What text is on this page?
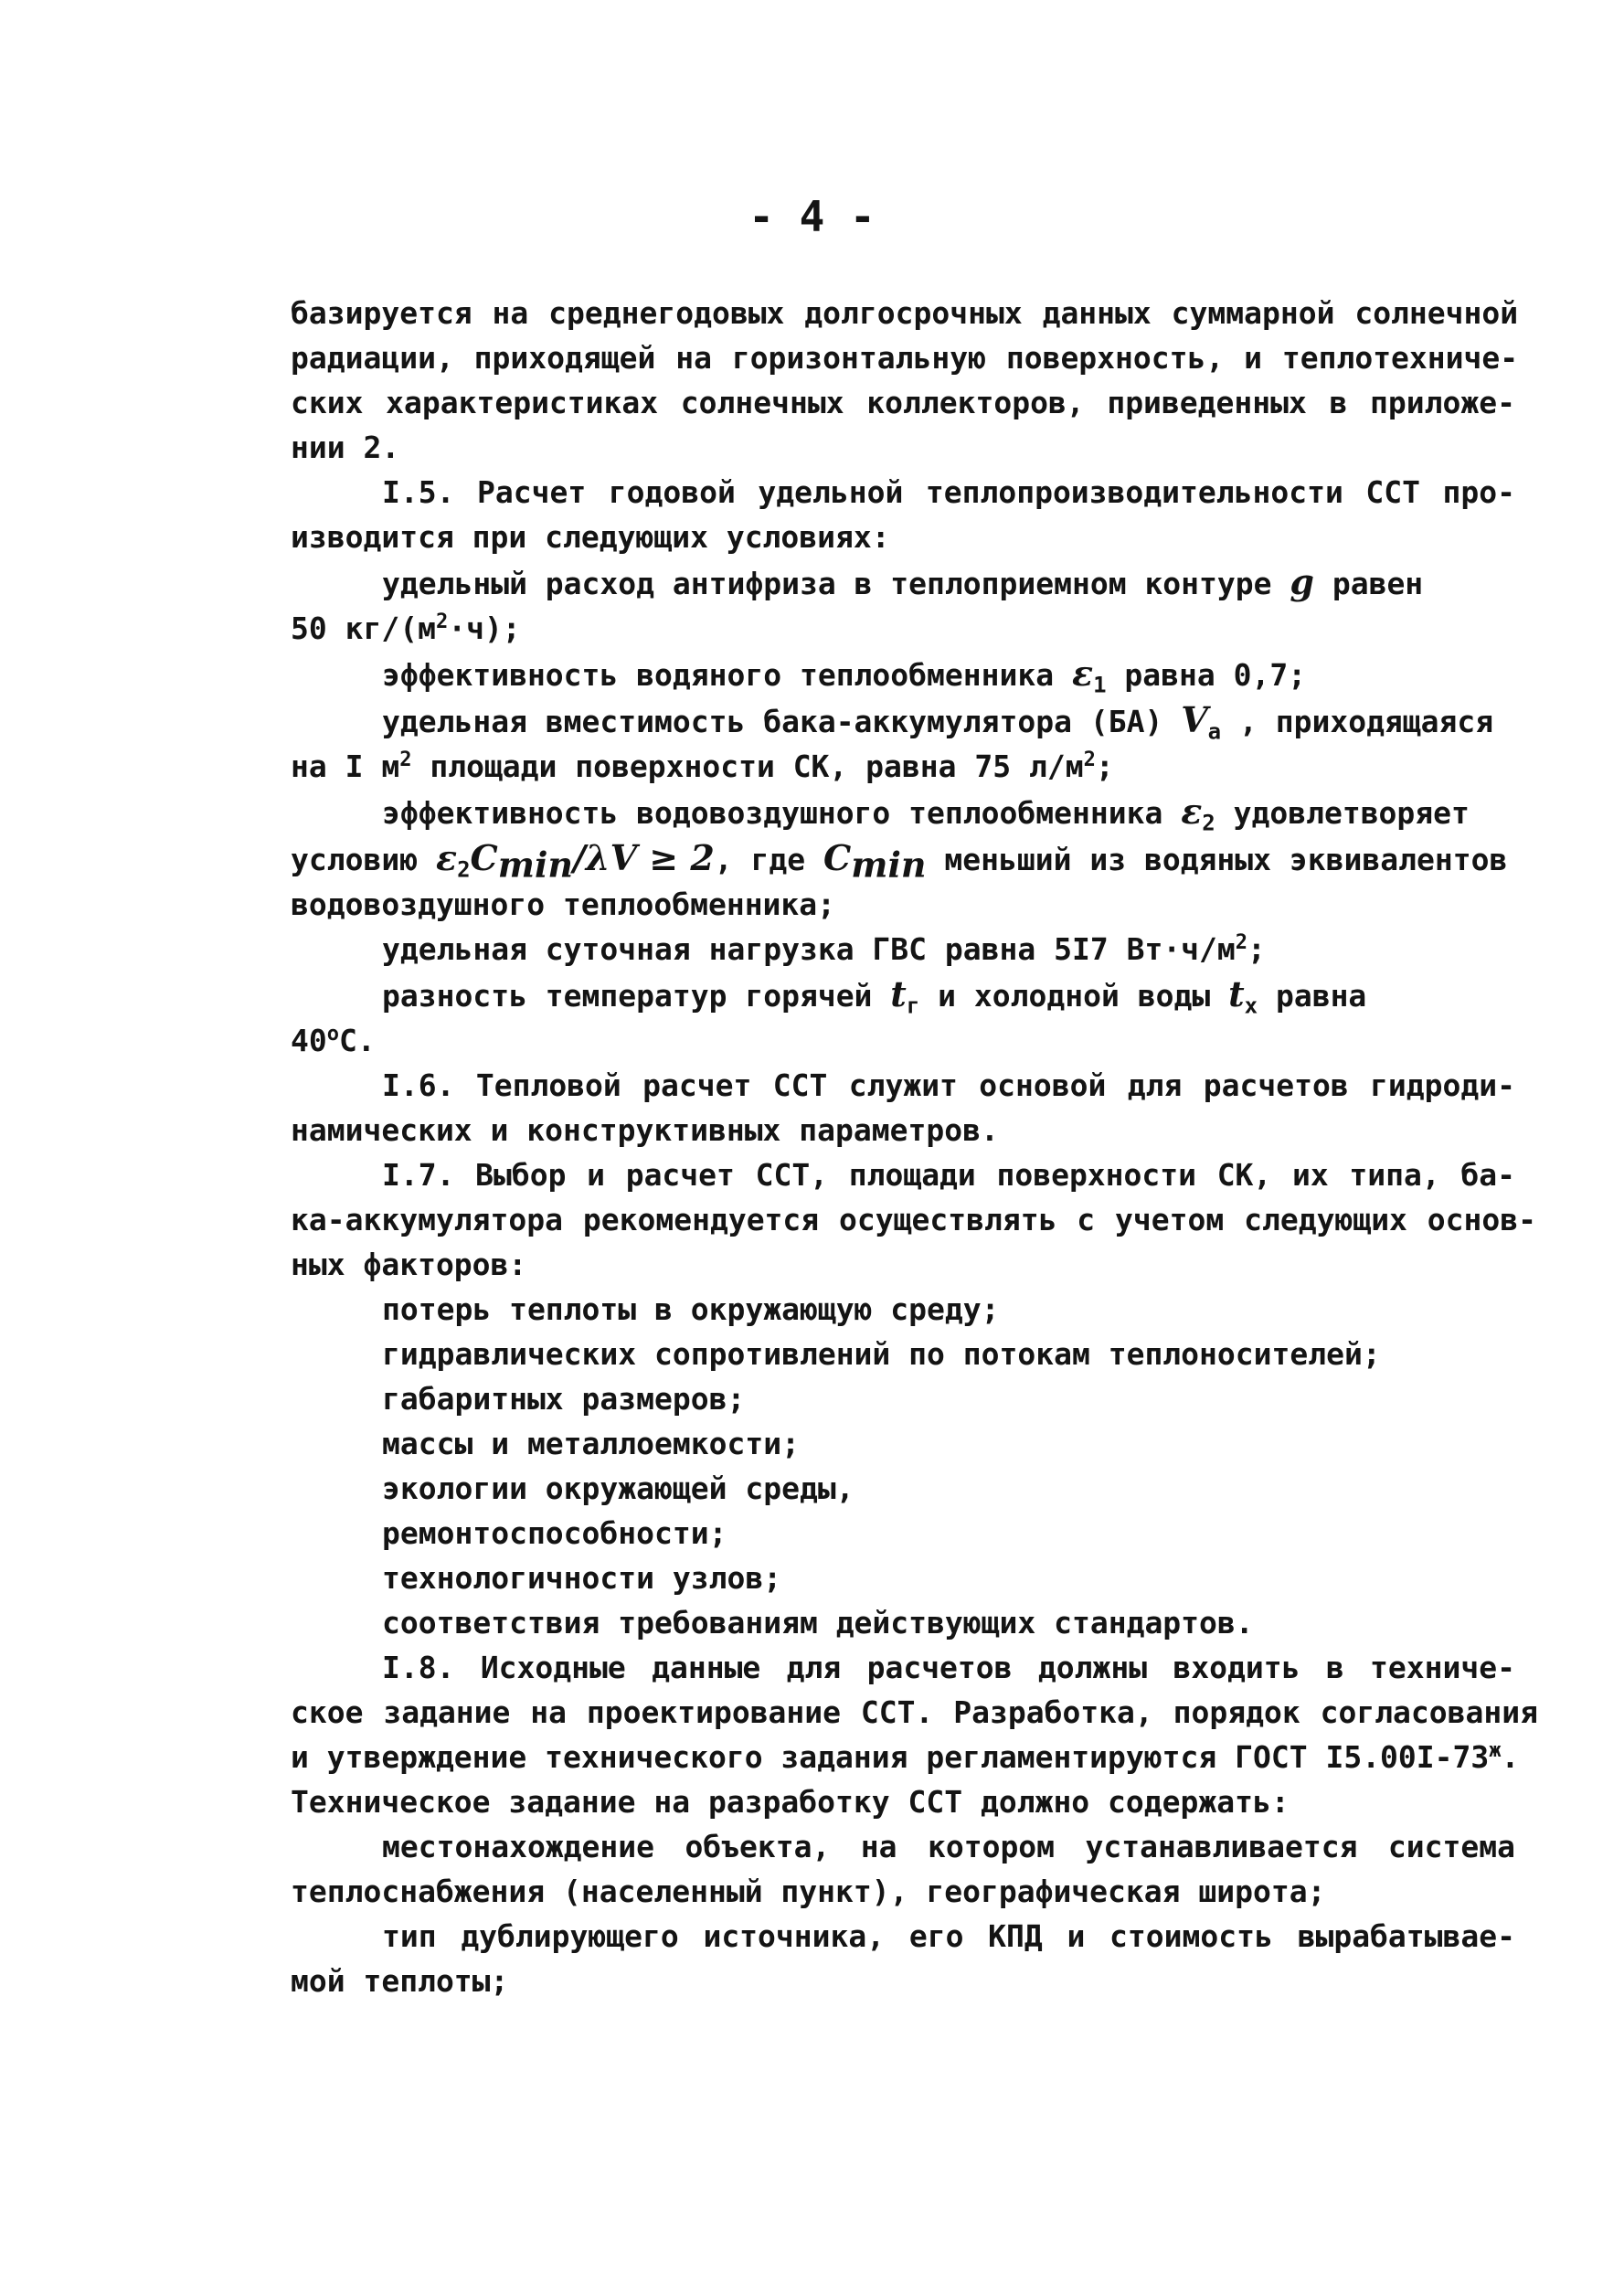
- 4 -
базируется на среднегодовых долгосрочных данных суммарной солнечной
радиации, приходящей на горизонтальную поверхность, и теплотехниче-
ских характеристиках солнечных коллекторов, приведенных в приложе-
нии 2.
I.5. Расчет годовой удельной теплопроизводительности ССТ про-
изводится при следующих условиях:
удельный расход антифриза в теплоприемном контуре g равен
50 $кг/(м^2\cdot ч)$;
эффективность водяного теплообменника $\varepsilon_1$ равна 0,7;
удельная вместимость бака-аккумулятора (БА) $V_a$ , приходящаяся
на I $м^2$ площади поверхности СК, равна 75 $л/м^2$;
эффективность водовоздушного теплообменника $\varepsilon_2$ удовлетворяет
условию $\varepsilon_2C_{min}/\lambda V \ge 2$, где $C_{min}$ меньший из водяных эквивалентов
водовоздушного теплообменника;
удельная суточная нагрузка ГВС равна 5I7 $Вт\cdot ч/м^2$;
разность температур горячей $t_г$ и холодной воды $t_х$ равна
$40^оС$.
I.6. Тепловой расчет ССТ служит основой для расчетов гидроди-
намических и конструктивных параметров.
I.7. Выбор и расчет ССТ, площади поверхности СК, их типа, ба-
ка-аккумулятора рекомендуется осуществлять с учетом следующих основ-
ных факторов:
потерь теплоты в окружающую среду;
гидравлических сопротивлений по потокам теплоносителей;
габаритных размеров;
массы и металлоемкости;
экологии окружающей среды,
ремонтоспособности;
технологичности узлов;
соответствия требованиям действующих стандартов.
I.8. Исходные данные для расчетов должны входить в техниче-
ское задание на проектирование ССТ. Разработка, порядок согласования
и утверждение технического задания регламентируются ГОСТ $I5.00I-73^ж$.
Техническое задание на разработку ССТ должно содержать:
местонахождение объекта, на котором устанавливается система
теплоснабжения (населенный пункт), географическая широта;
тип дублирующего источника, его КПД и стоимость вырабатывае-
мой теплоты;
